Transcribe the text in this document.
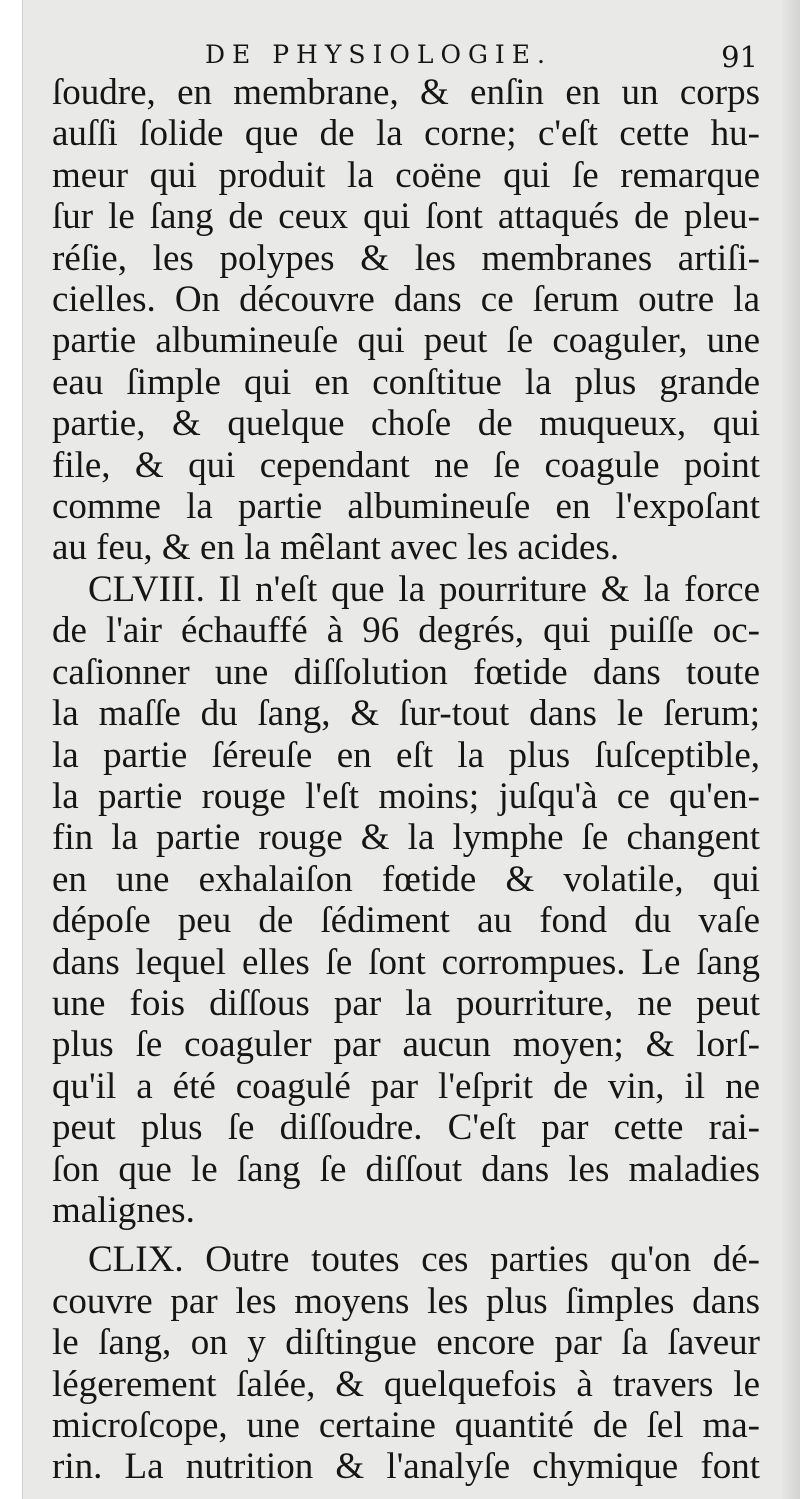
DE PHYSIOLOGIE.	91
ſoudre, en membrane, & enſin en un corps
auſſi ſolide que de la corne; c'eſt cette hu-
meur qui produit la coëne qui ſe remarque
ſur le ſang de ceux qui ſont attaqués de pleu-
réſie, les polypes & les membranes artiſi-
cielles. On découvre dans ce ſerum outre la
partie albumineuſe qui peut ſe coaguler, une
eau ſimple qui en conſtitue la plus grande
partie, & quelque choſe de muqueux, qui
file, & qui cependant ne ſe coagule point
comme la partie albumineuſe en l'expoſant
au feu, & en la mêlant avec les acides.
CLVIII. Il n'eſt que la pourriture & la force
de l'air échauffé à 96 degrés, qui puiſſe oc-
caſionner une diſſolution fœtide dans toute
la maſſe du ſang, & ſur-tout dans le ſerum;
la partie ſéreuſe en eſt la plus ſuſceptible,
la partie rouge l'eſt moins; juſqu'à ce qu'en-
fin la partie rouge & la lymphe ſe changent
en une exhalaiſon fœtide & volatile, qui
dépoſe peu de ſédiment au fond du vaſe
dans lequel elles ſe ſont corrompues. Le ſang
une fois diſſous par la pourriture, ne peut
plus ſe coaguler par aucun moyen; & lorſ-
qu'il a été coagulé par l'eſprit de vin, il ne
peut plus ſe diſſoudre. C'eſt par cette rai-
ſon que le ſang ſe diſſout dans les maladies
malignes.
CLIX. Outre toutes ces parties qu'on dé-
couvre par les moyens les plus ſimples dans
le ſang, on y diſtingue encore par ſa ſaveur
légerement ſalée, & quelquefois à travers le
microſcope, une certaine quantité de ſel ma-
rin. La nutrition & l'analyſe chymique font
